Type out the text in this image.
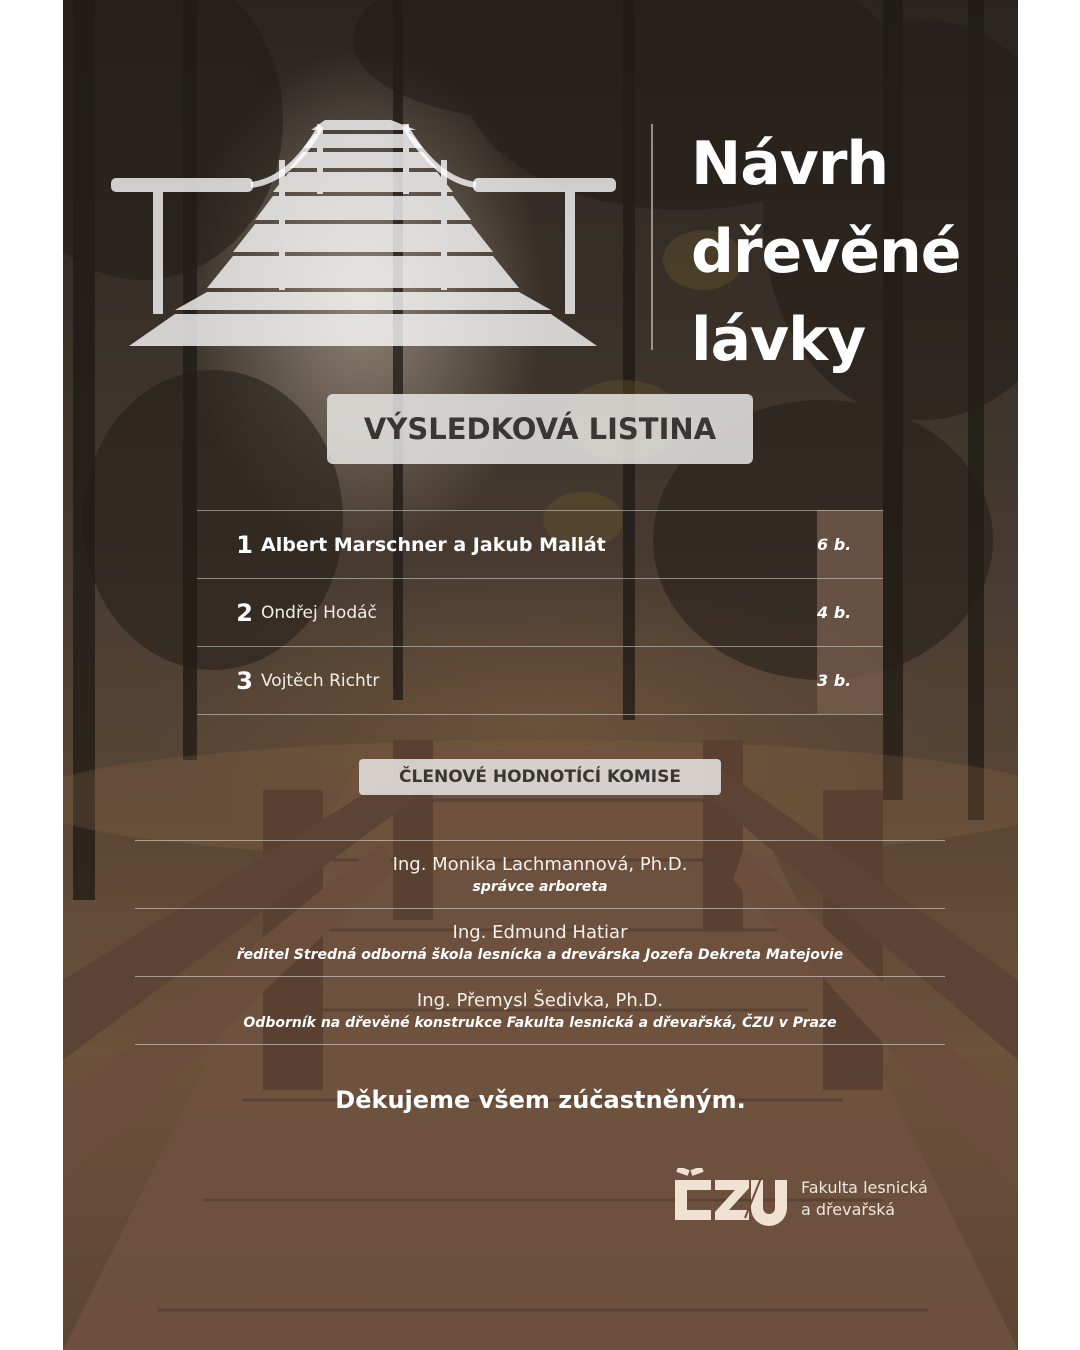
Návrh
dřevěné
lávky
VÝSLEDKOVÁ LISTINA
1 Albert Marschner a Jakub Mallát	6 b.
2 Ondřej Hodáč	4 b.
3 Vojtěch Richtr	3 b.
ČLENOVÉ HODNOTÍCÍ KOMISE
Ing. Monika Lachmannová, Ph.D.
správce arboreta
Ing. Edmund Hatiar
ředitel Stredná odborná škola lesnícka a drevárska Jozefa Dekreta Matejovie
Ing. Přemysl Šedivka, Ph.D.
Odborník na dřevěné konstrukce Fakulta lesnická a dřevařská, ČZU v Praze
Děkujeme všem zúčastněným.
Fakulta lesnická
a dřevařská
